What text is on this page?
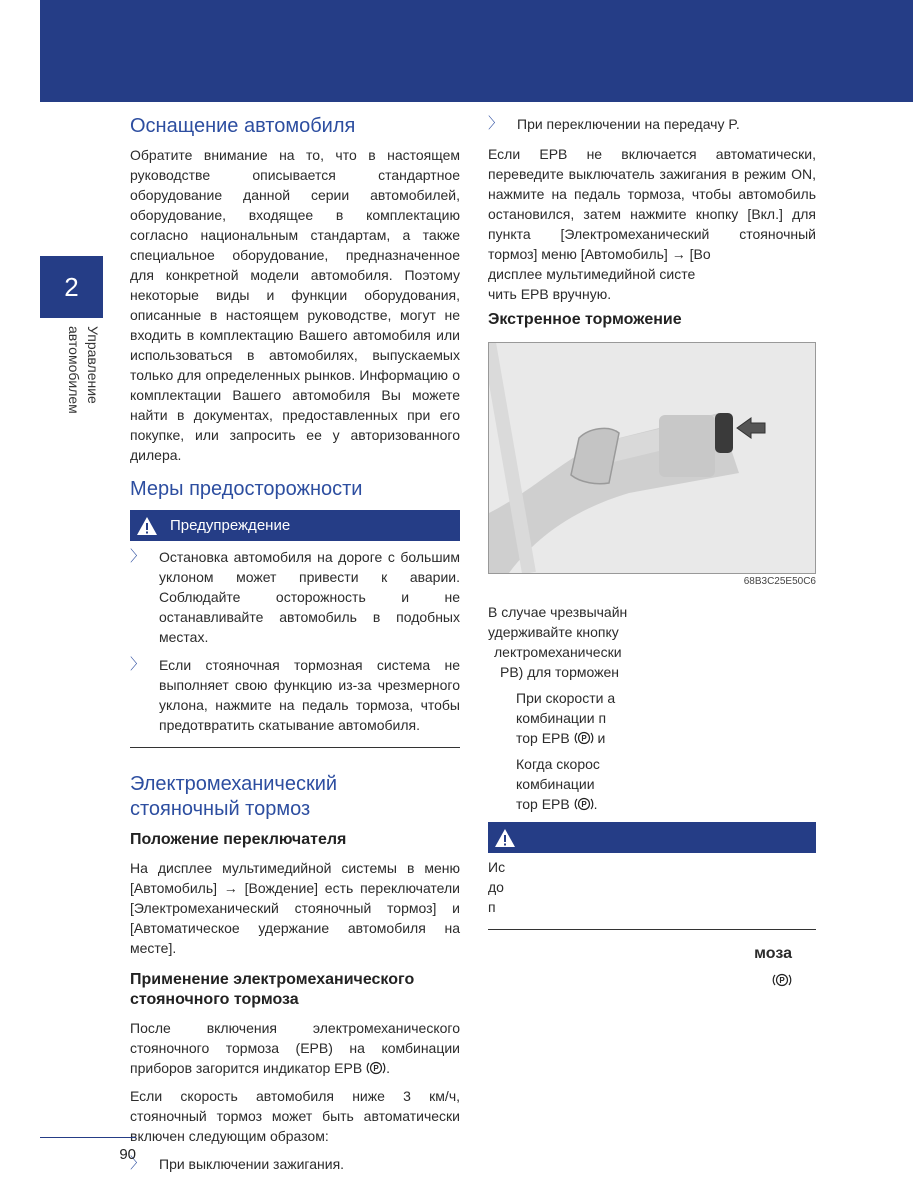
2
Управление автомобилем
Оснащение автомобиля

Обратите внимание на то, что в настоящем руководстве описывается стандартное оборудование данной серии автомобилей, оборудование, входящее в комплектацию согласно национальным стандартам, а также специальное оборудование, предназначенное для конкретной модели автомобиля. Поэтому некоторые виды и функции оборудования, описанные в настоящем руководстве, могут не входить в комплектацию Вашего автомобиля или использоваться в автомобилях, выпускаемых только для определенных рынков. Информацию о комплектации Вашего автомобиля Вы можете найти в документах, предоставленных при его покупке, или запросить ее у авторизованного дилера.

Меры предосторожности
Предупреждение
〉 Остановка автомобиля на дороге с большим уклоном может привести к аварии. Соблюдайте осторожность и не останавливайте автомобиль в подобных местах.
〉 Если стояночная тормозная система не выполняет свою функцию из-за чрезмерного уклона, нажмите на педаль тормоза, чтобы предотвратить скатывание автомобиля.
Электромеханический
стояночный тормоз
Положение переключателя

На дисплее мультимедийной системы в меню [Автомобиль] → [Вождение] есть переключатели [Электромеханический стояночный тормоз] и [Автоматическое удержание автомобиля на месте].

Применение электромеханического стояночного тормоза

После включения электромеханического стояночного тормоза (EPB) на комбинации приборов загорится индикатор EPB P .

Если скорость автомобиля ниже 3 км/ч, стояночный тормоз может быть автоматически включен следующим образом:

〉 При выключении зажигания.
〉 При переключении на передачу P.

Если EPB не включается автоматически, переведите выключатель зажигания в режим ON, нажмите на педаль тормоза, чтобы автомобиль остановился, затем нажмите кнопку [Вкл.] для пункта [Электромеханический стояночный тормоз] меню [Автомобиль] → [Во

дисплее мультимедийной систе
чить EPB вручную.
Экстренное торможение
68B3C25E50C6
В случае чрезвычайн
удерживайте кнопку
лектромеханически
PB) для торможен
При скорости а
комбинации п
тор EPB P и
Когда скорос
комбинации
тор EPB P .
Ис
до
п
моза
P
90
